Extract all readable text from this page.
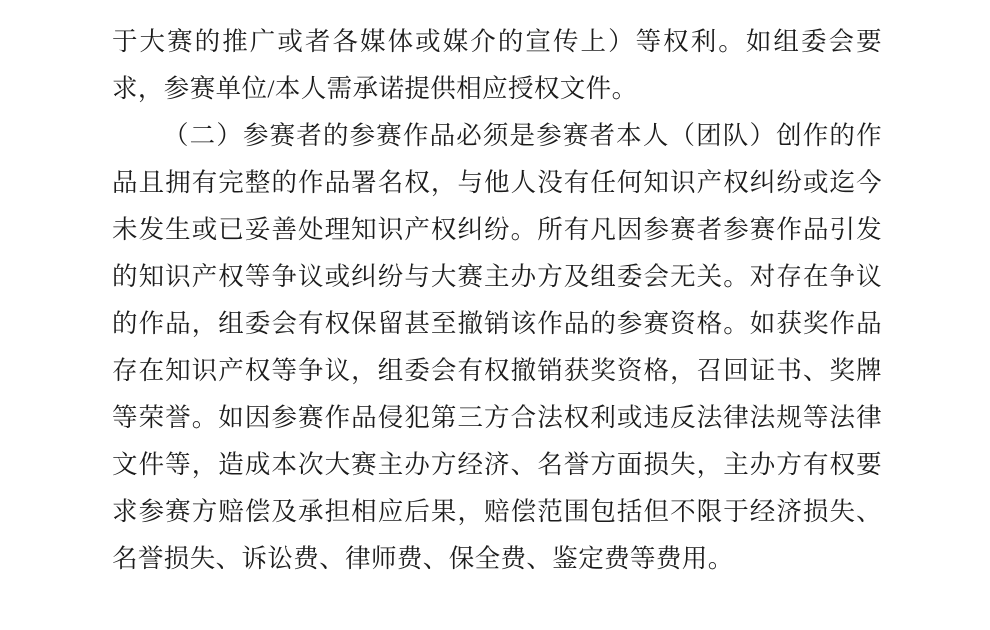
于大赛的推广或者各媒体或媒介的宣传上）等权利。如组委会要求，参赛单位/本人需承诺提供相应授权文件。

（二）参赛者的参赛作品必须是参赛者本人（团队）创作的作品且拥有完整的作品署名权，与他人没有任何知识产权纠纷或迄今未发生或已妥善处理知识产权纠纷。所有凡因参赛者参赛作品引发的知识产权等争议或纠纷与大赛主办方及组委会无关。对存在争议的作品，组委会有权保留甚至撤销该作品的参赛资格。如获奖作品存在知识产权等争议，组委会有权撤销获奖资格，召回证书、奖牌等荣誉。如因参赛作品侵犯第三方合法权利或违反法律法规等法律文件等，造成本次大赛主办方经济、名誉方面损失，主办方有权要求参赛方赔偿及承担相应后果，赔偿范围包括但不限于经济损失、名誉损失、诉讼费、律师费、保全费、鉴定费等费用。
